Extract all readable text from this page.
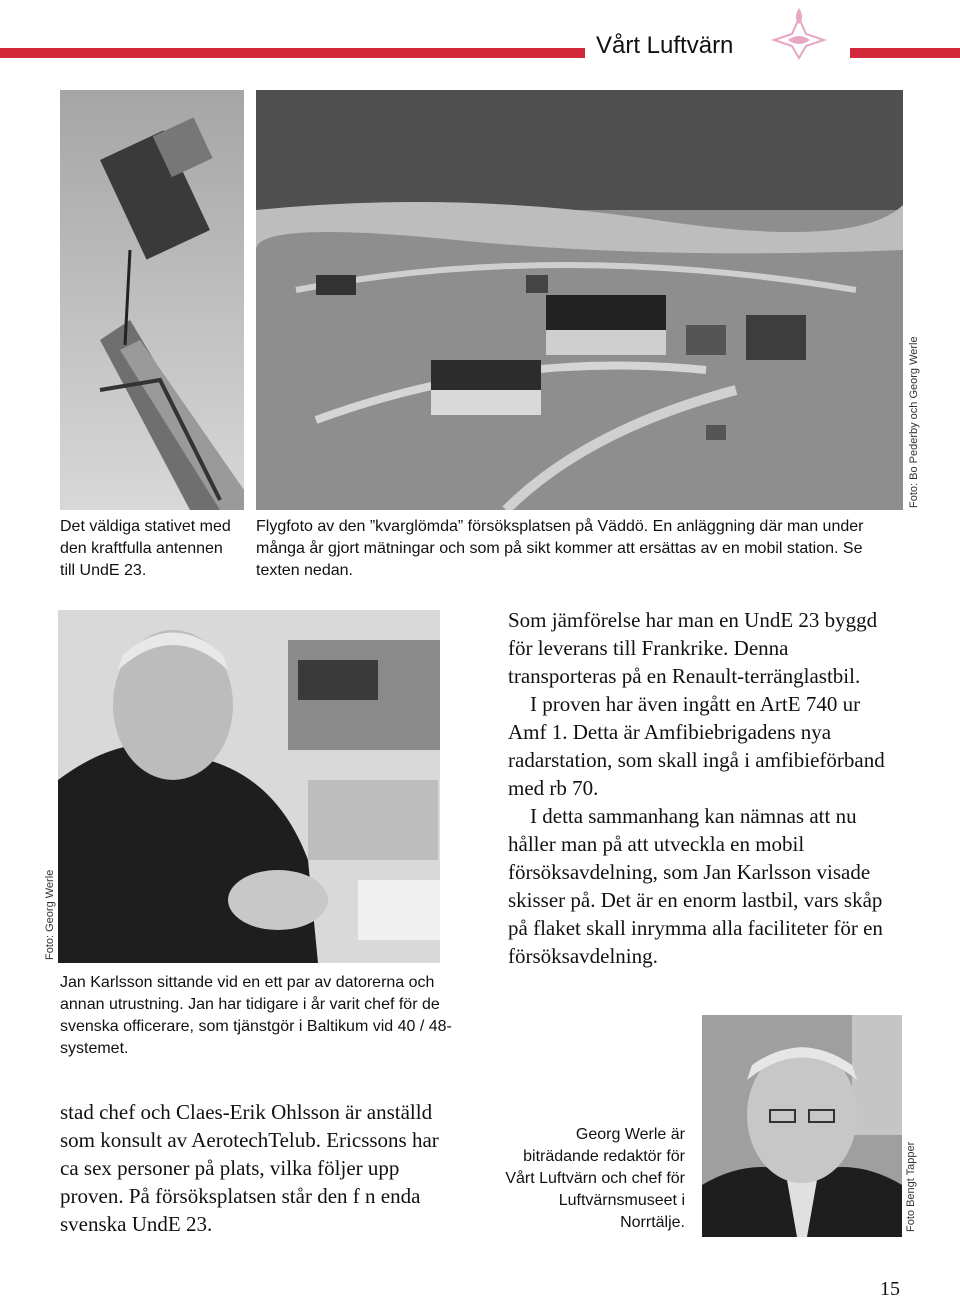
Vårt Luftvärn
Det väldiga stativet med den kraftfulla antennen till UndE 23.
Flygfoto av den ”kvarglömda” försöksplatsen på Väddö. En anläggning där man under många år gjort mätningar och som på sikt kommer att ersättas av en mobil station. Se texten nedan.
Foto: Bo Pederby och Georg Werle
Jan Karlsson sittande vid en ett par av datorerna och annan utrustning. Jan har tidigare i år varit chef för de svenska officerare, som tjänstgör i Baltikum vid 40 / 48-systemet.
Foto: Georg Werle

Som jämförelse har man en UndE 23 byggd för leverans till Frankrike. Denna transporteras på en Renault-terränglastbil.

I proven har även ingått en ArtE 740 ur Amf 1. Detta är Amfibiebrigadens nya radarstation, som skall ingå i amfibieförband med rb 70.

I detta sammanhang kan nämnas att nu håller man på att utveckla en mobil försöksavdelning, som Jan Karlsson visade skisser på. Det är en enorm lastbil, vars skåp på flaket skall inrymma alla faciliteter för en försöksavdelning.

stad chef och Claes-Erik Ohlsson är anställd som konsult av AerotechTelub. Ericssons har ca sex personer på plats, vilka följer upp proven. På försöksplatsen står den f n enda svenska UndE 23.
Georg Werle är biträdande redaktör för Vårt Luftvärn och chef för Luftvärnsmuseet i Norrtälje.	Foto Bengt Tapper
15
